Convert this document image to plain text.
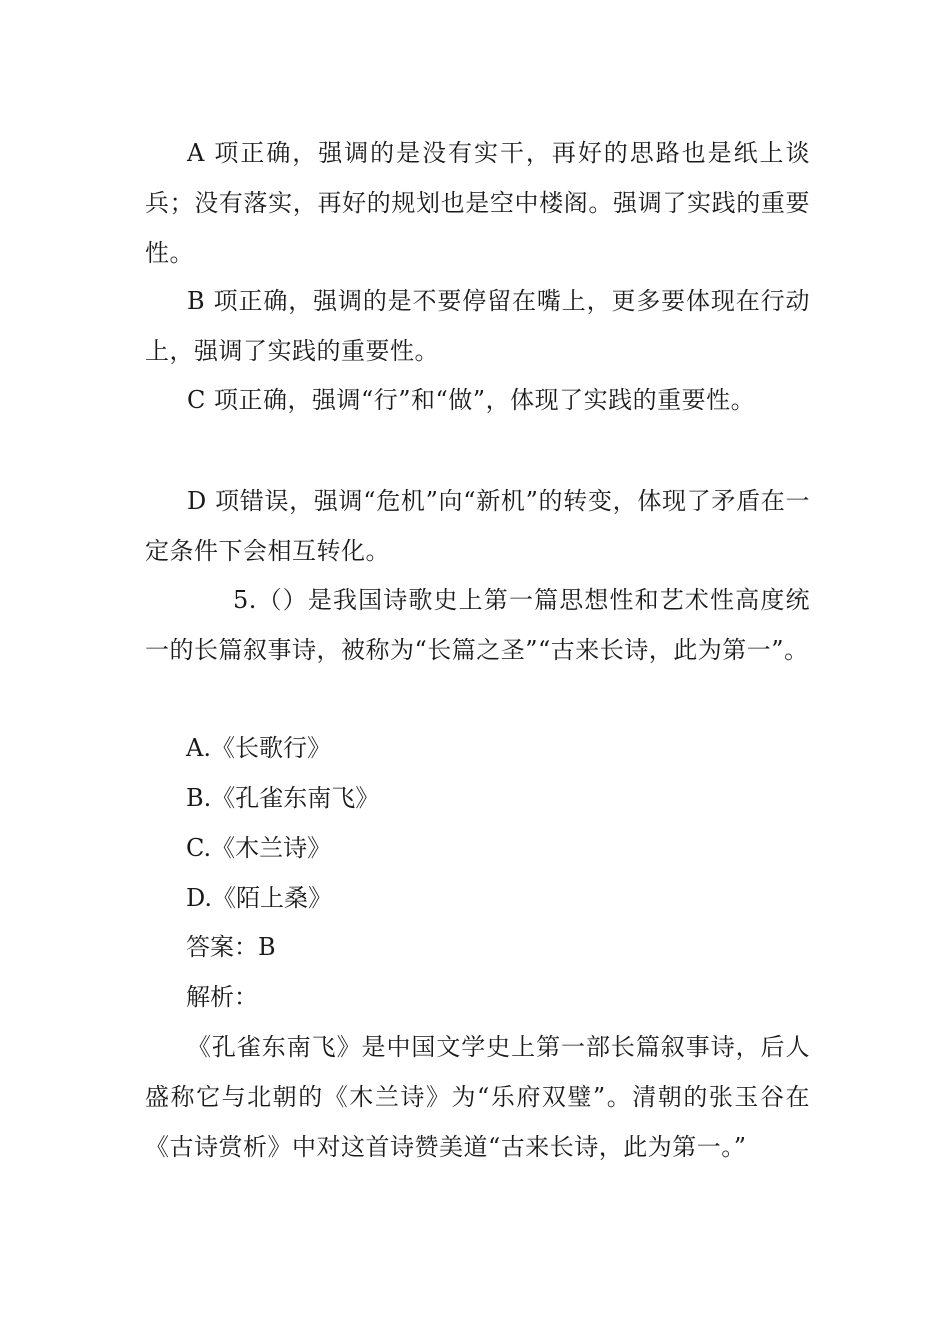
A 项正确，强调的是没有实干，再好的思路也是纸上谈兵；没有落实，再好的规划也是空中楼阁。强调了实践的重要性。

B 项正确，强调的是不要停留在嘴上，更多要体现在行动上，强调了实践的重要性。

C 项正确，强调“行”和“做”，体现了实践的重要性。

D 项错误，强调“危机”向“新机”的转变，体现了矛盾在一定条件下会相互转化。

5.（）是我国诗歌史上第一篇思想性和艺术性高度统一的长篇叙事诗，被称为“长篇之圣”“古来长诗，此为第一”。

A.《长歌行》

B.《孔雀东南飞》

C.《木兰诗》

D.《陌上桑》

答案：B

解析：

《孔雀东南飞》是中国文学史上第一部长篇叙事诗，后人盛称它与北朝的《木兰诗》为“乐府双璧”。清朝的张玉谷在《古诗赏析》中对这首诗赞美道“古来长诗，此为第一。”
